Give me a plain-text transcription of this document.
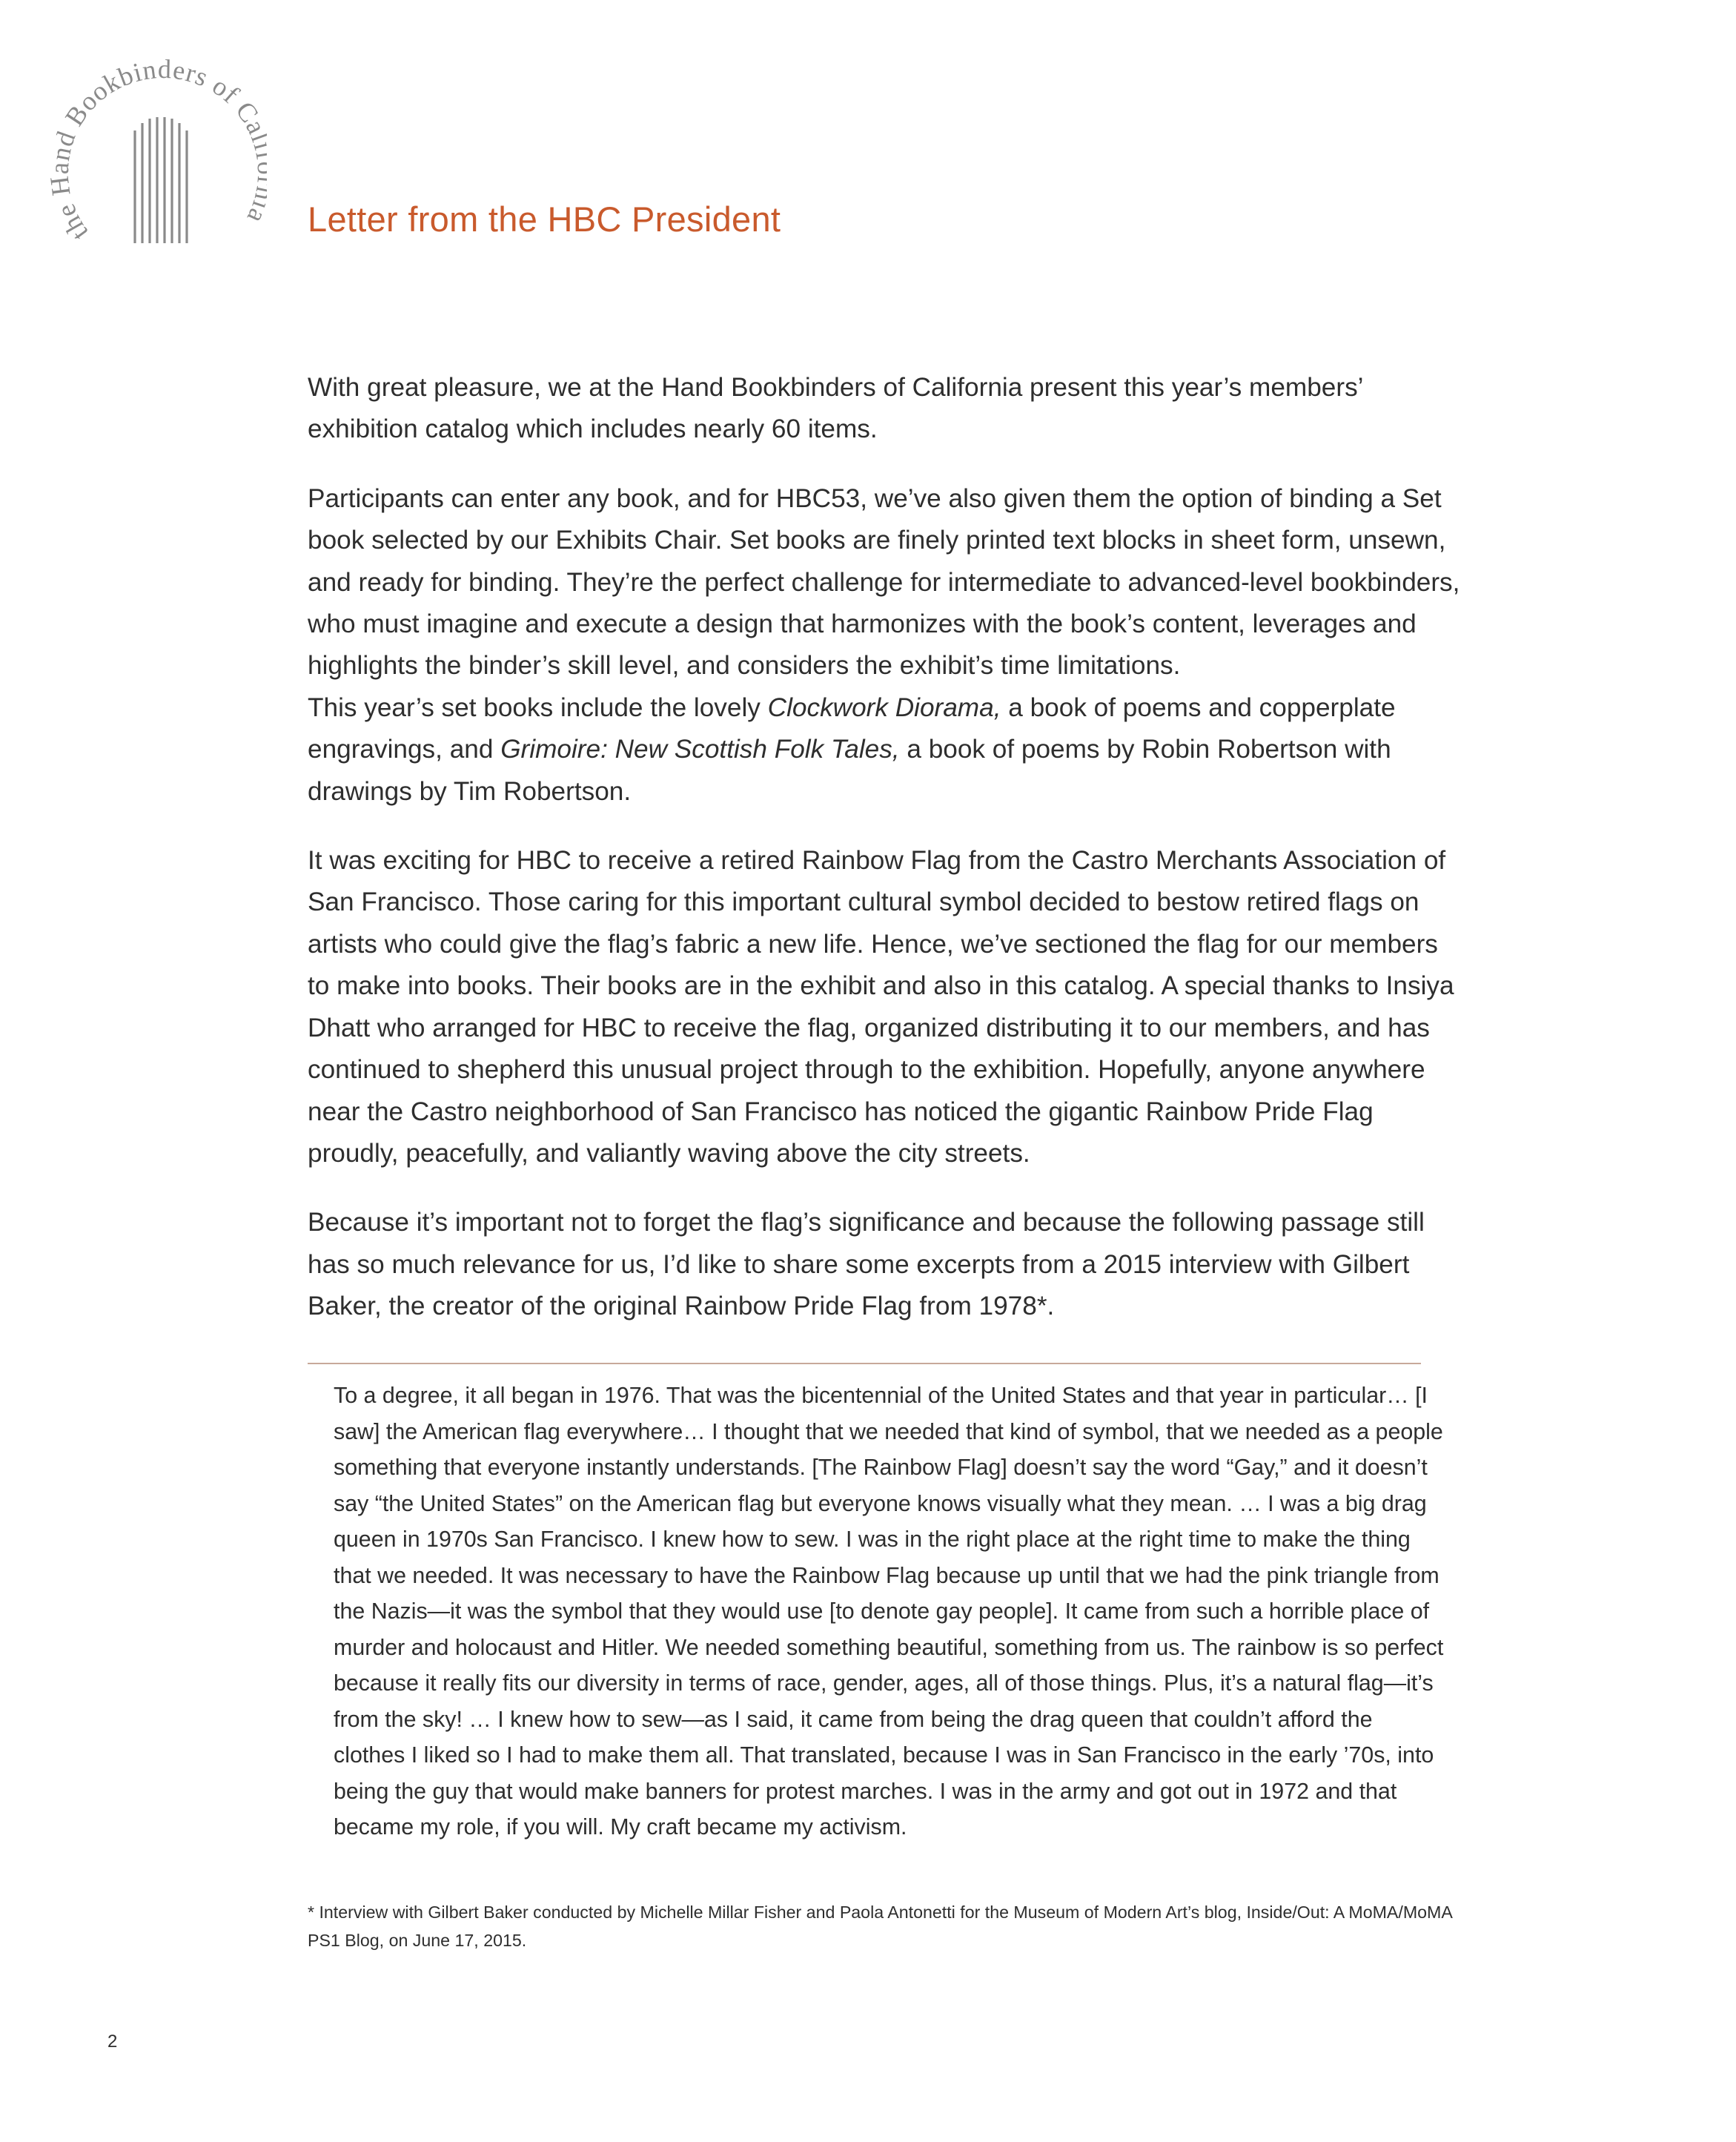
the Hand Bookbinders of C
Letter from the HBC President

With great pleasure, we at the Hand Bookbinders of California present this year’s members’ exhibition catalog which includes nearly 60 items.

Participants can enter any book, and for HBC53, we’ve also given them the option of binding a Set book selected by our Exhibits Chair. Set books are finely printed text blocks in sheet form, unsewn, and ready for binding. They’re the perfect challenge for intermediate to advanced-level bookbinders, who must imagine and execute a design that harmonizes with the book’s content, leverages and highlights the binder’s skill level, and considers the exhibit’s time limitations.
This year’s set books include the lovely Clockwork Diorama, a book of poems and copperplate engravings, and Grimoire: New Scottish Folk Tales, a book of poems by Robin Robertson with drawings by Tim Robertson.

It was exciting for HBC to receive a retired Rainbow Flag from the Castro Merchants Association of San Francisco. Those caring for this important cultural symbol decided to bestow retired flags on artists who could give the flag’s fabric a new life. Hence, we’ve sectioned the flag for our members to make into books. Their books are in the exhibit and also in this catalog. A special thanks to Insiya Dhatt who arranged for HBC to receive the flag, organized distributing it to our members, and has continued to shepherd this unusual project through to the exhibition. Hopefully, anyone anywhere near the Castro neighborhood of San Francisco has noticed the gigantic Rainbow Pride Flag proudly, peacefully, and valiantly waving above the city streets.

Because it’s important not to forget the flag’s significance and because the following passage still has so much relevance for us, I’d like to share some excerpts from a 2015 interview with Gilbert Baker, the creator of the original Rainbow Pride Flag from 1978*.

To a degree, it all began in 1976. That was the bicentennial of the United States and that year in particular… [I saw] the American flag everywhere… I thought that we needed that kind of symbol, that we needed as a people something that everyone instantly understands. [The Rainbow Flag] doesn’t say the word “Gay,” and it doesn’t say “the United States” on the American flag but everyone knows visually what they mean. … I was a big drag queen in 1970s San Francisco. I knew how to sew. I was in the right place at the right time to make the thing that we needed. It was necessary to have the Rainbow Flag because up until that we had the pink triangle from the Nazis—it was the symbol that they would use [to denote gay people]. It came from such a horrible place of murder and holocaust and Hitler. We needed something beautiful, something from us. The rainbow is so perfect because it really fits our diversity in terms of race, gender, ages, all of those things. Plus, it’s a natural flag—it’s from the sky! … I knew how to sew—as I said, it came from being the drag queen that couldn’t afford the clothes I liked so I had to make them all. That translated, because I was in San Francisco in the early ’70s, into being the guy that would make banners for protest marches. I was in the army and got out in 1972 and that became my role, if you will. My craft became my activism.
* Interview with Gilbert Baker conducted by Michelle Millar Fisher and Paola Antonetti for the Museum of Modern Art’s blog, Inside/Out: A MoMA/MoMA PS1 Blog, on June 17, 2015.
2
